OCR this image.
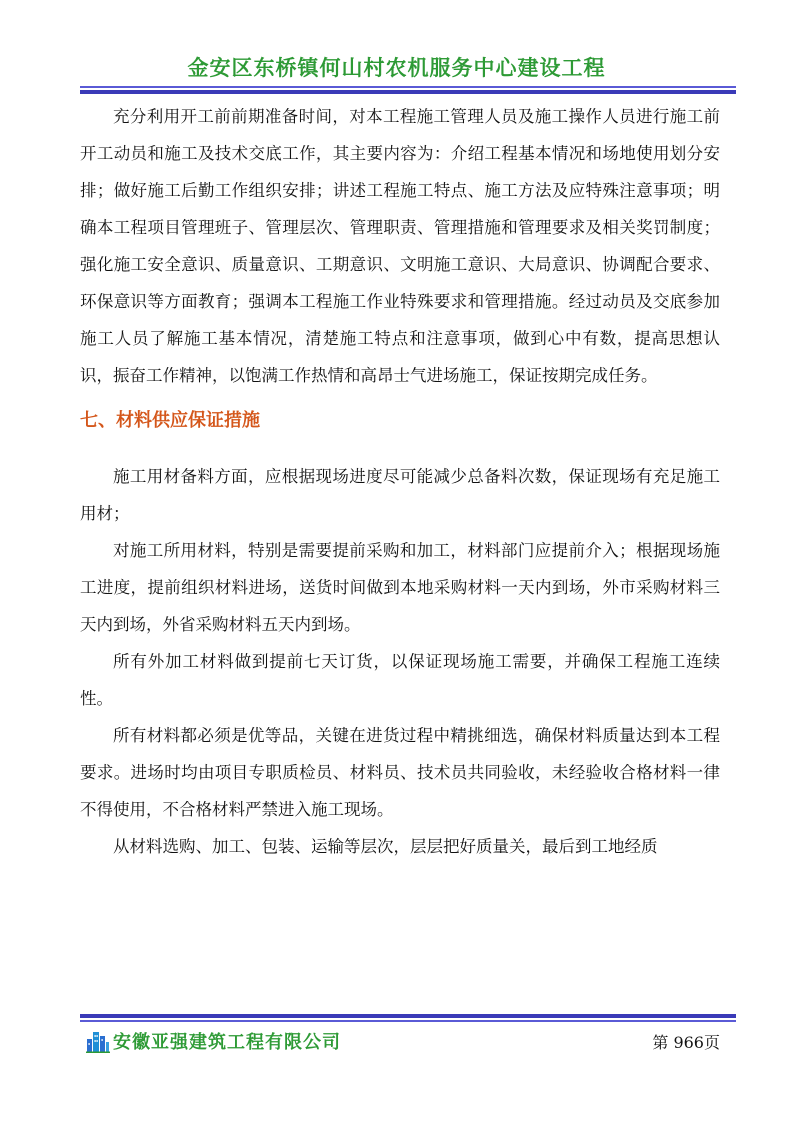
金安区东桥镇何山村农机服务中心建设工程

充分利用开工前前期准备时间，对本工程施工管理人员及施工操作人员进行施工前开工动员和施工及技术交底工作，其主要内容为：介绍工程基本情况和场地使用划分安排；做好施工后勤工作组织安排；讲述工程施工特点、施工方法及应特殊注意事项；明确本工程项目管理班子、管理层次、管理职责、管理措施和管理要求及相关奖罚制度；强化施工安全意识、质量意识、工期意识、文明施工意识、大局意识、协调配合要求、环保意识等方面教育；强调本工程施工作业特殊要求和管理措施。经过动员及交底参加施工人员了解施工基本情况，清楚施工特点和注意事项，做到心中有数，提高思想认识，振奋工作精神，以饱满工作热情和高昂士气进场施工，保证按期完成任务。

七、材料供应保证措施

施工用材备料方面，应根据现场进度尽可能减少总备料次数，保证现场有充足施工用材；

对施工所用材料，特别是需要提前采购和加工，材料部门应提前介入；根据现场施工进度，提前组织材料进场，送货时间做到本地采购材料一天内到场，外市采购材料三天内到场，外省采购材料五天内到场。

所有外加工材料做到提前七天订货，以保证现场施工需要，并确保工程施工连续性。

所有材料都必须是优等品，关键在进货过程中精挑细选，确保材料质量达到本工程要求。进场时均由项目专职质检员、材料员、技术员共同验收，未经验收合格材料一律不得使用，不合格材料严禁进入施工现场。

从材料选购、加工、包装、运输等层次，层层把好质量关，最后到工地经质

安徽亚强建筑工程有限公司	第 966页
